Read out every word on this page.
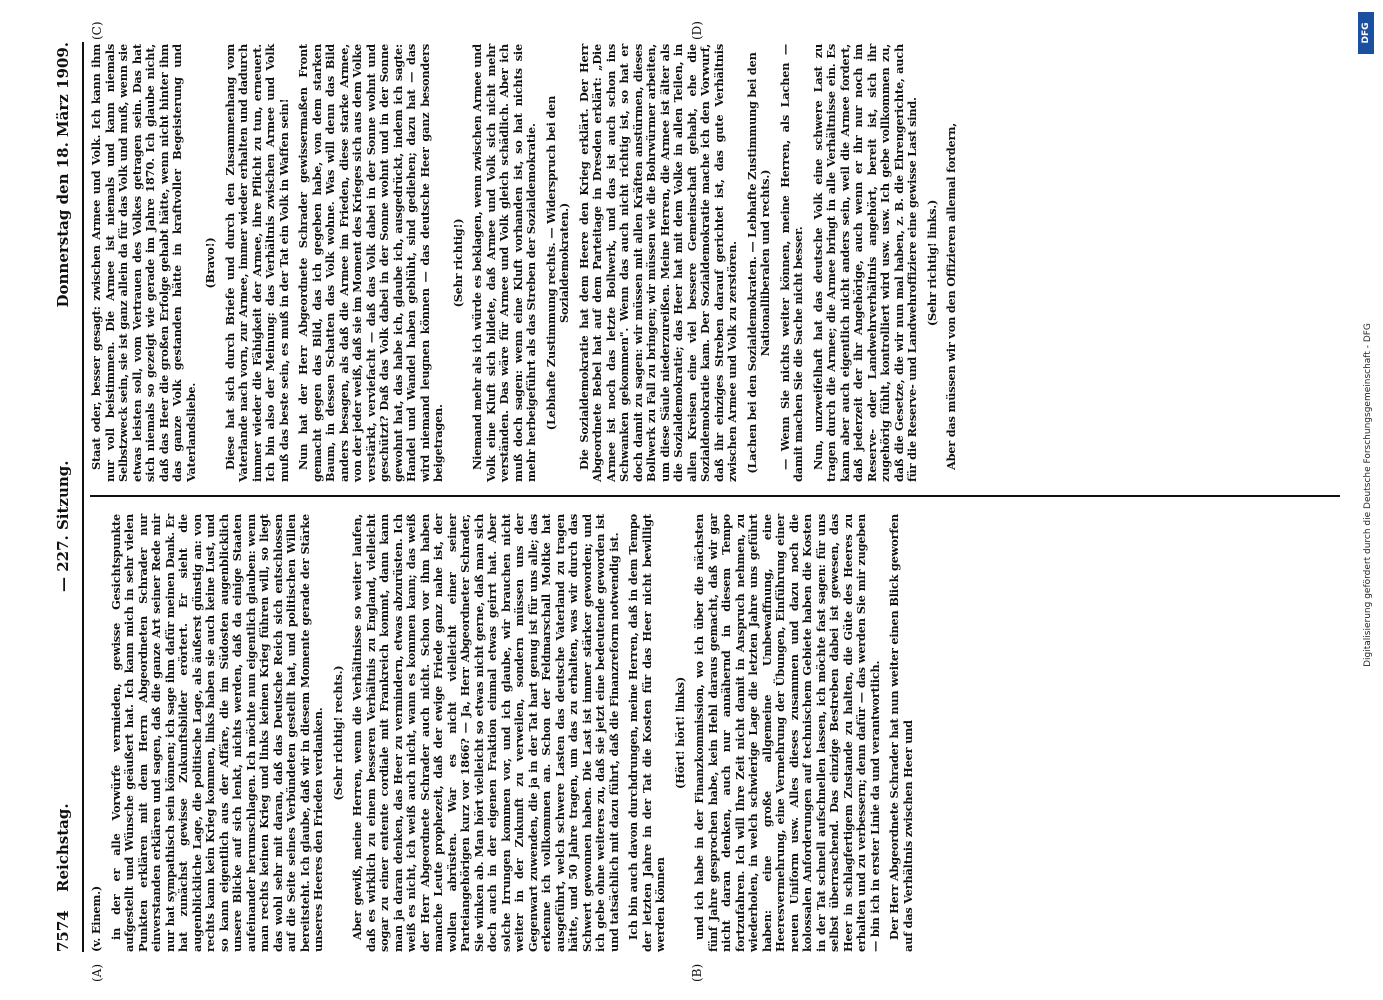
7574
Reichstag.
— 227. Sitzung.
Donnerstag den 18. März 1909.
(A)	(B)
(C)	(D)

(v. Einem.) in der er alle Vorwürfe vermieden, gewisse Gesichtspunkte aufgestellt und Wünsche geäußert hat. Ich kann mich in sehr vielen Punkten erklären mit dem Herrn Abgeordneten Schrader nur einverstanden erklären und sagen, daß die ganze Art seiner Rede mir nur hat sympathisch sein können; ich sage ihm dafür meinen Dank. Er hat zunächst gewisse Zukunftsbilder erörtert. Er sieht die augenblickliche Lage, die politische Lage, als äußerst günstig an: von rechts kann kein Krieg kommen, links haben sie auch keine Lust, und so kann eigentlich aus der Affäre, die im Südosten augenblicklich unsere Blicke auf sich lenkt, nichts werden, daß da einige Staaten aufeinander herumschlagen. Ich möchte nun eigentlich glauben: wenn man rechts keinen Krieg und links keinen Krieg führen will, so liegt das wohl sehr mit daran, daß das Deutsche Reich sich entschlossen auf die Seite seines Verbündeten gestellt hat, und politischen Willen bereitsteht. Ich glaube, daß wir in diesem Momente gerade der Stärke unseres Heeres den Frieden verdanken. (Sehr richtig! rechts.) Aber gewiß, meine Herren, wenn die Verhältnisse so weiter laufen, daß es wirklich zu einem besseren Verhältnis zu England, vielleicht sogar zu einer entente cordiale mit Frankreich kommt, dann kann man ja daran denken, das Heer zu vermindern, etwas abzurüsten. Ich weiß es nicht, ich weiß auch nicht, wann es kommen kann; das weiß der Herr Abgeordnete Schrader auch nicht. Schon vor ihm haben manche Leute prophezeit, daß der ewige Friede ganz nahe ist, der wollen abrüsten. War es nicht vielleicht einer seiner Parteiangehörigen kurz vor 1866? — Ja, Herr Abgeordneter Schrader, Sie winken ab. Man hört vielleicht so etwas nicht gerne, daß man sich doch auch in der eigenen Fraktion einmal etwas geirrt hat. Aber solche Irrungen kommen vor, und ich glaube, wir brauchen nicht weiter in der Zukunft zu verweilen, sondern müssen uns der Gegenwart zuwenden, die ja in der Tat hart genug ist für uns alle; das erkenne ich vollkommen an. Schon der Feldmarschall Moltke hat ausgeführt, welch schwere Lasten das deutsche Vaterland zu tragen hätte, und 50 Jahre tragen, um das zu erhalten, was wir durch das Schwert gewonnen haben. Die Last ist immer stärker geworden; und ich gebe ohne weiteres zu, daß sie jetzt eine bedeutende geworden ist und tatsächlich mit dazu führt, daß die Finanzreform notwendig ist. Ich bin auch davon durchdrungen, meine Herren, daß in dem Tempo der letzten Jahre in der Tat die Kosten für das Heer nicht bewilligt werden können

(Hört! hört! links) und ich habe in der Finanzkommission, wo ich über die nächsten fünf Jahre gesprochen habe, kein Hehl daraus gemacht, daß wir gar nicht daran denken, auch nur annähernd in diesem Tempo fortzufahren. Ich will Ihre Zeit nicht damit in Anspruch nehmen, zu wiederholen, in welch schwierige Lage die letzten Jahre uns geführt haben: eine große allgemeine Umbewaffnung, eine Heeresvermehrung, eine Vermehrung der Übungen, Einführung einer neuen Uniform usw. Alles dieses zusammen und dazu noch die kolossalen Anforderungen auf technischem Gebiete haben die Kosten in der Tat schnell aufschnellen lassen, ich möchte fast sagen: für uns selbst überraschend. Das einzige Bestreben dabei ist gewesen, das Heer in schlagfertigem Zustande zu halten, die Güte des Heeres zu erhalten und zu verbessern; denn dafür — das werden Sie mir zugeben — bin ich in erster Linie da und verantwortlich. Der Herr Abgeordnete Schrader hat nun weiter einen Blick geworfen auf das Verhältnis zwischen Heer und

Staat oder, besser gesagt: zwischen Armee und Volk. Ich kann ihm nur voll beistimmen. Die Armee ist niemals und kann niemals Selbstzweck sein, sie ist ganz allein da für das Volk und muß, wenn sie etwas leisten soll, vom Vertrauen des Volkes getragen sein. Das hat sich niemals so gezeigt wie gerade im Jahre 1870. Ich glaube nicht, daß das Heer die großen Erfolge gehabt hätte, wenn nicht hinter ihm das ganze Volk gestanden hätte in kraftvoller Begeisterung und Vaterlandsliebe.

(Bravo!) Diese hat sich durch Briefe und durch den Zusammenhang vom Vaterlande nach vorn, zur Armee, immer wieder erhalten und dadurch immer wieder die Fähigkeit der Armee, ihre Pflicht zu tun, erneuert. Ich bin also der Meinung: das Verhältnis zwischen Armee und Volk muß das beste sein, es muß in der Tat ein Volk in Waffen sein! Nun hat der Herr Abgeordnete Schrader gewissermaßen Front gemacht gegen das Bild, das ich gegeben habe, von dem starken Baum, in dessen Schatten das Volk wohne. Was will denn das Bild anders besagen, als daß die Armee im Frieden, diese starke Armee, von der jeder weiß, daß sie im Moment des Krieges sich aus dem Volke verstärkt, verviefacht — daß das Volk dabei in der Sonne wohnt und geschützt? Daß das Volk dabei in der Sonne wohnt und in der Sonne gewohnt hat, das habe ich, glaube ich, ausgedrückt, indem ich sagte: Handel und Wandel haben geblüht, sind gediehen; dazu hat — das wird niemand leugnen können — das deutsche Heer ganz besonders beigetragen.

(Sehr richtig!) Niemand mehr als ich würde es beklagen, wenn zwischen Armee und Volk eine Kluft sich bildete, daß Armee und Volk sich nicht mehr verständen. Das wäre für Armee und Volk gleich schädlich. Aber ich muß doch sagen: wenn eine Kluft vorhanden ist, so hat nichts sie mehr herbeigeführt als das Streben der Sozialdemokratie. (Lebhafte Zustimmung rechts. — Widerspruch bei den Sozialdemokraten.) Die Sozialdemokratie hat dem Heere den Krieg erklärt. Der Herr Abgeordnete Bebel hat auf dem Parteitage in Dresden erklärt: „Die Armee ist noch das letzte Bollwerk, und das ist auch schon ins Schwanken gekommen". Wenn das auch nicht richtig ist, so hat er doch damit zu sagen: wir müssen mit allen Kräften anstürmen, dieses Bollwerk zu Fall zu bringen; wir müssen wie die Bohrwürmer arbeiten, um diese Säule niederzureißen. Meine Herren, die Armee ist älter als die Sozialdemokratie; das Heer hat mit dem Volke in allen Teilen, in allen Kreisen eine viel bessere Gemeinschaft gehabt, ehe die Sozialdemokratie kam. Der Sozialdemokratie mache ich den Vorwurf, daß ihr einziges Streben darauf gerichtet ist, das gute Verhältnis zwischen Armee und Volk zu zerstören. (Lachen bei den Sozialdemokraten. — Lebhafte Zustimmung bei den Nationalliberalen und rechts.) — Wenn Sie nichts weiter können, meine Herren, als Lachen — damit machen Sie die Sache nicht besser. Nun, unzweifelhaft hat das deutsche Volk eine schwere Last zu tragen durch die Armee; die Armee bringt in alle Verhältnisse ein. Es kann aber auch eigentlich nicht anders sein, weil die Armee fordert, daß jederzeit der ihr Angehörige, auch wenn er ihr nur noch im Reserve- oder Landwehrverhältnis angehört, bereit ist, sich ihr zugehörig fühlt, kontrolliert wird usw. usw. Ich gebe vollkommen zu, daß die Gesetze, die wir nun mal haben, z. B. die Ehrengerichte, auch für die Reserve- und Landwehroffiziere eine gewisse Last sind. (Sehr richtig! links.) Aber das müssen wir von den Offizieren allemal fordern,

DFG
Digitalisierung gefördert durch die Deutsche Forschungsgemeinschaft - DFG
